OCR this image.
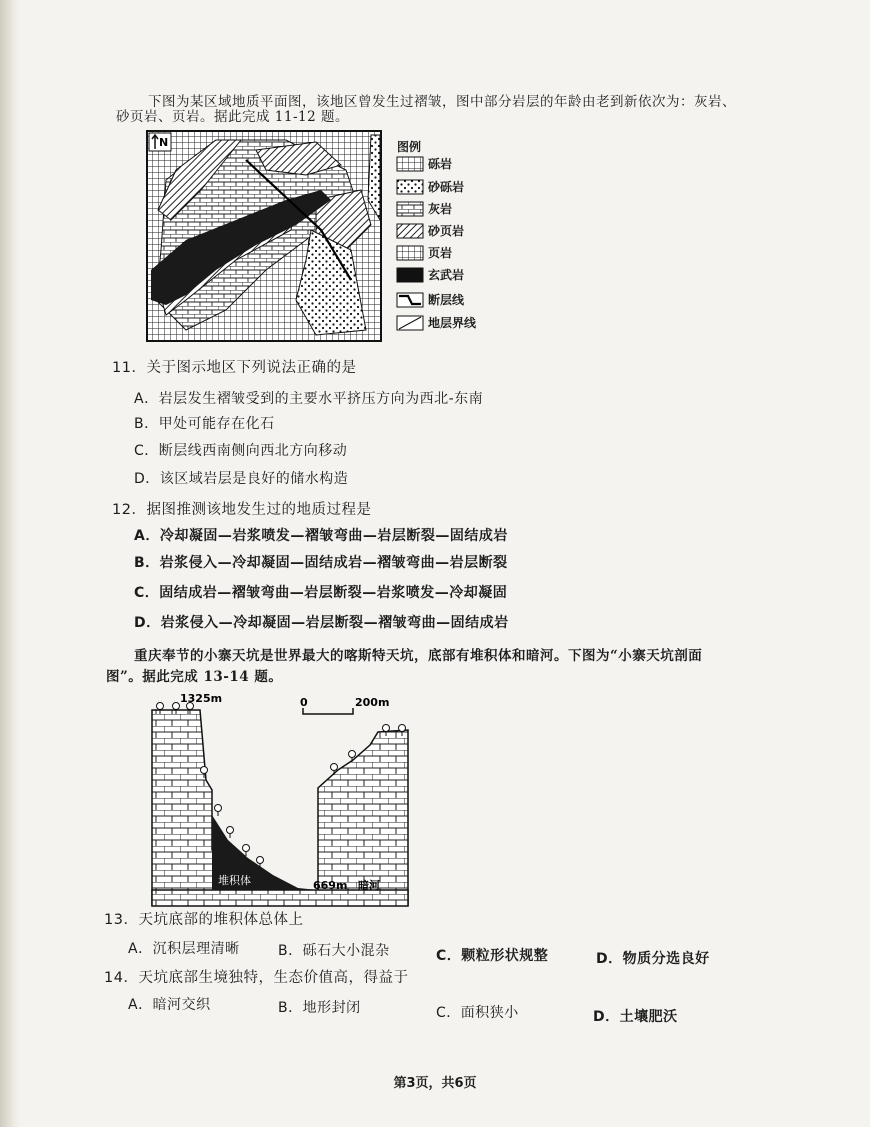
下图为某区域地质平面图，该地区曾发生过褶皱，图中部分岩层的年龄由老到新依次为：灰岩、
砂页岩、页岩。据此完成 11-12 题。
N	图例
砾岩
砂砾岩
灰岩
砂页岩
页岩
玄武岩
断层线
地层界线
11．关于图示地区下列说法正确的是
A．岩层发生褶皱受到的主要水平挤压方向为西北-东南
B．甲处可能存在化石
C．断层线西南侧向西北方向移动
D．该区域岩层是良好的储水构造
12．据图推测该地发生过的地质过程是
A．冷却凝固—岩浆喷发—褶皱弯曲—岩层断裂—固结成岩
B．岩浆侵入—冷却凝固—固结成岩—褶皱弯曲—岩层断裂
C．固结成岩—褶皱弯曲—岩层断裂—岩浆喷发—冷却凝固
D．岩浆侵入—冷却凝固—岩层断裂—褶皱弯曲—固结成岩
重庆奉节的小寨天坑是世界最大的喀斯特天坑，底部有堆积体和暗河。下图为“小寨天坑剖面
图”。据此完成 13-14 题。
0	200m
1325m
堆积体	669m 暗河
13．天坑底部的堆积体总体上
A．沉积层理清晰	B．砾石大小混杂	C．颗粒形状规整	D．物质分选良好
14．天坑底部生境独特，生态价值高，得益于
A．暗河交织	B．地形封闭	C．面积狭小	D．土壤肥沃
第3页，共6页
